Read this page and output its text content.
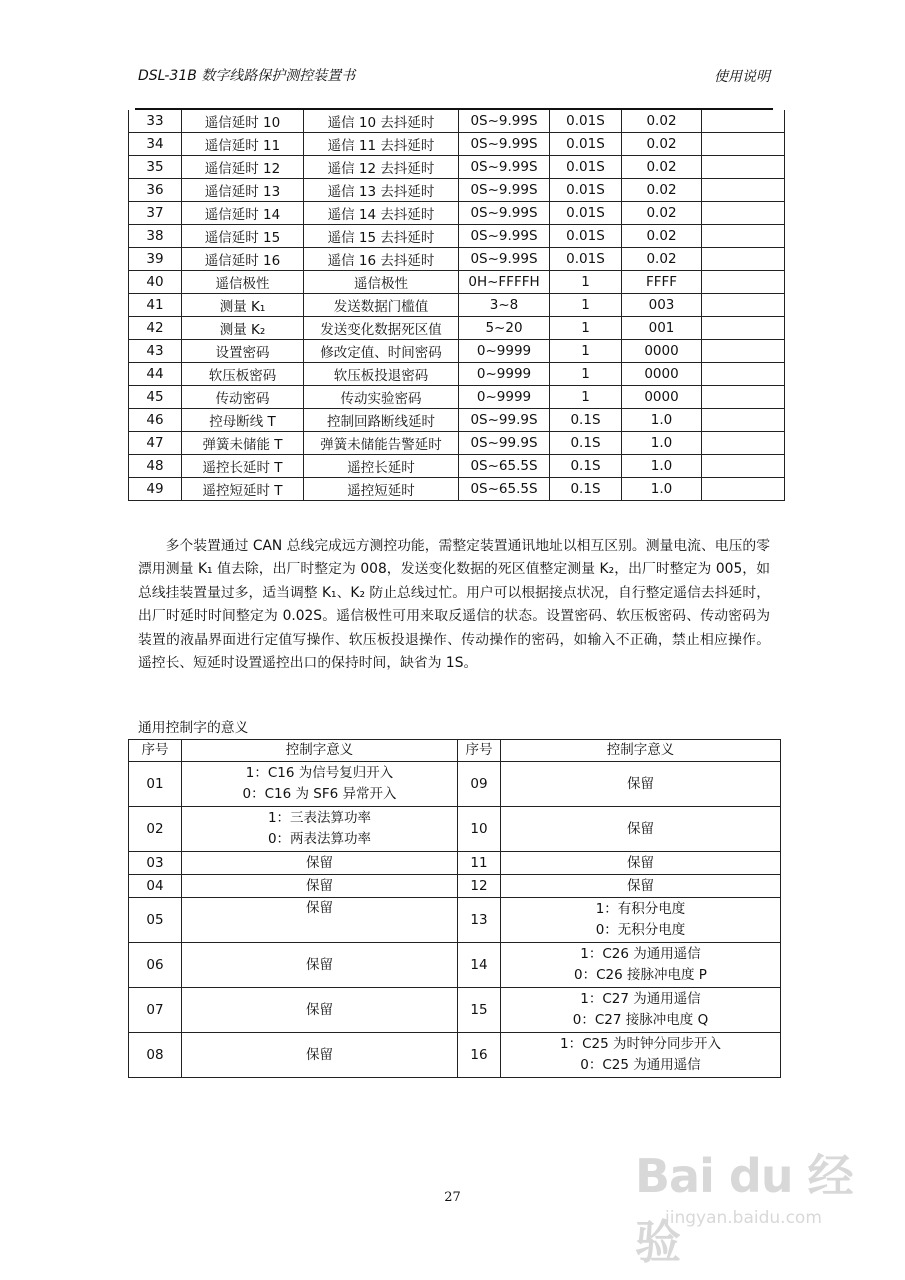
DSL-31B 数字线路保护测控装置书	使用说明
33	遥信延时 10	遥信 10 去抖延时	0S~9.99S	0.01S	0.02	
34	遥信延时 11	遥信 11 去抖延时	0S~9.99S	0.01S	0.02	
35	遥信延时 12	遥信 12 去抖延时	0S~9.99S	0.01S	0.02	
36	遥信延时 13	遥信 13 去抖延时	0S~9.99S	0.01S	0.02	
37	遥信延时 14	遥信 14 去抖延时	0S~9.99S	0.01S	0.02	
38	遥信延时 15	遥信 15 去抖延时	0S~9.99S	0.01S	0.02	
39	遥信延时 16	遥信 16 去抖延时	0S~9.99S	0.01S	0.02	
40	遥信极性	遥信极性	0H~FFFFH	1	FFFF	
41	测量 K₁	发送数据门槛值	3~8	1	003	
42	测量 K₂	发送变化数据死区值	5~20	1	001	
43	设置密码	修改定值、时间密码	0~9999	1	0000	
44	软压板密码	软压板投退密码	0~9999	1	0000	
45	传动密码	传动实验密码	0~9999	1	0000	
46	控母断线 T	控制回路断线延时	0S~99.9S	0.1S	1.0	
47	弹簧未储能 T	弹簧未储能告警延时	0S~99.9S	0.1S	1.0	
48	遥控长延时 T	遥控长延时	0S~65.5S	0.1S	1.0	
49	遥控短延时 T	遥控短延时	0S~65.5S	0.1S	1.0	

多个装置通过 CAN 总线完成远方测控功能，需整定装置通讯地址以相互区别。测量电流、电压的零漂用测量 K₁ 值去除，出厂时整定为 008，发送变化数据的死区值整定测量 K₂，出厂时整定为 005，如总线挂装置量过多，适当调整 K₁、K₂ 防止总线过忙。用户可以根据接点状况，自行整定遥信去抖延时，出厂时延时时间整定为 0.02S。遥信极性可用来取反遥信的状态。设置密码、软压板密码、传动密码为装置的液晶界面进行定值写操作、软压板投退操作、传动操作的密码，如输入不正确，禁止相应操作。遥控长、短延时设置遥控出口的保持时间，缺省为 1S。

通用控制字的意义
序号	控制字意义	序号	控制字意义
01	1：C16 为信号复归开入
0：C16 为 SF6 异常开入	09	保留

02	1：三表法算功率
0：两表法算功率	10	保留

03	保留	11	保留

04	保留	12	保留

05	保留	13	1：有积分电度
0：无积分电度

06	保留	14	1：C26 为通用遥信
0：C26 接脉冲电度 P

07	保留	15	1：C27 为通用遥信
0：C27 接脉冲电度 Q

08	保留	16	1：C25 为时钟分同步开入
0：C25 为通用遥信
27	Bai du 经验
jingyan.baidu.com
